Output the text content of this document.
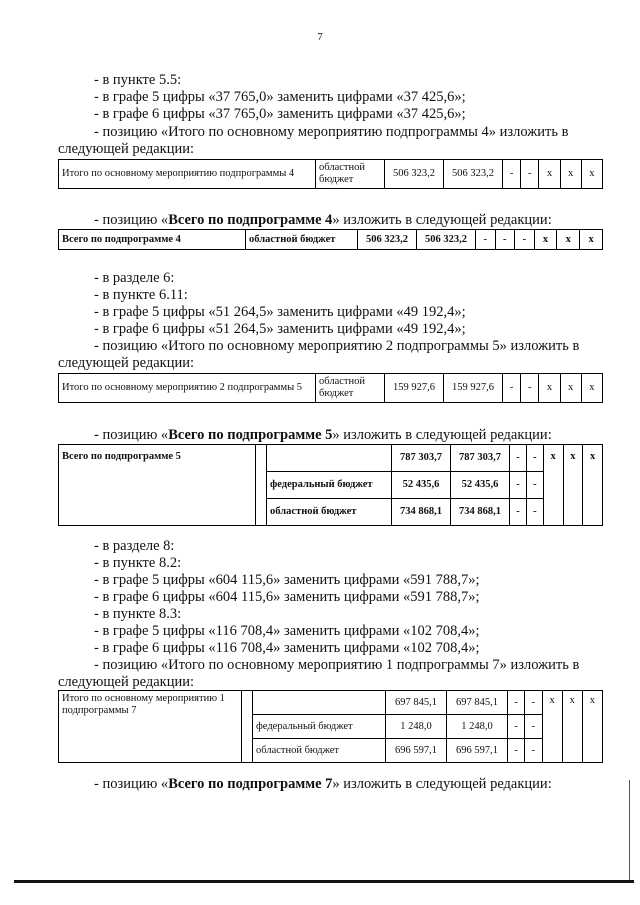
7
- в пункте 5.5:
- в графе 5 цифры «37 765,0» заменить цифрами «37 425,6»;
- в графе 6 цифры «37 765,0» заменить цифрами «37 425,6»;
- позицию «Итого по основному мероприятию подпрограммы 4» изложить в
следующей редакции:
Итого по основному мероприятию подпрограммы 4	областной бюджет	506 323,2	506 323,2	-	-	x	x	x
- позицию «Всего по подпрограмме 4» изложить в следующей редакции:
Всего по подпрограмме 4	областной бюджет	506 323,2	506 323,2	-	-	-	x	x	x
- в разделе 6:
- в пункте 6.11:
- в графе 5 цифры «51 264,5» заменить цифрами «49 192,4»;
- в графе 6 цифры «51 264,5» заменить цифрами «49 192,4»;
- позицию «Итого по основному мероприятию 2 подпрограммы 5» изложить в
следующей редакции:
Итого по основному мероприятию 2 подпрограммы 5	областной бюджет	159 927,6	159 927,6	-	-	x	x	x
- позицию «Всего по подпрограмме 5» изложить в следующей редакции:
Всего по подпрограмме 5			787 303,7	787 303,7	-	-	x	x	x
		федеральный бюджет	52 435,6	52 435,6	-	-			
		областной бюджет	734 868,1	734 868,1	-	-			
- в разделе 8:
- в пункте 8.2:
- в графе 5 цифры «604 115,6» заменить цифрами «591 788,7»;
- в графе 6 цифры «604 115,6» заменить цифрами «591 788,7»;
- в пункте 8.3:
- в графе 5 цифры «116 708,4» заменить цифрами «102 708,4»;
- в графе 6 цифры «116 708,4» заменить цифрами «102 708,4»;
- позицию «Итого по основному мероприятию 1 подпрограммы 7» изложить в
следующей редакции:
Итого по основному мероприятию 1 подпрограммы 7			697 845,1	697 845,1	-	-	x	x	x
		федеральный бюджет	1 248,0	1 248,0	-	-			
		областной бюджет	696 597,1	696 597,1	-	-			
- позицию «Всего по подпрограмме 7» изложить в следующей редакции:
